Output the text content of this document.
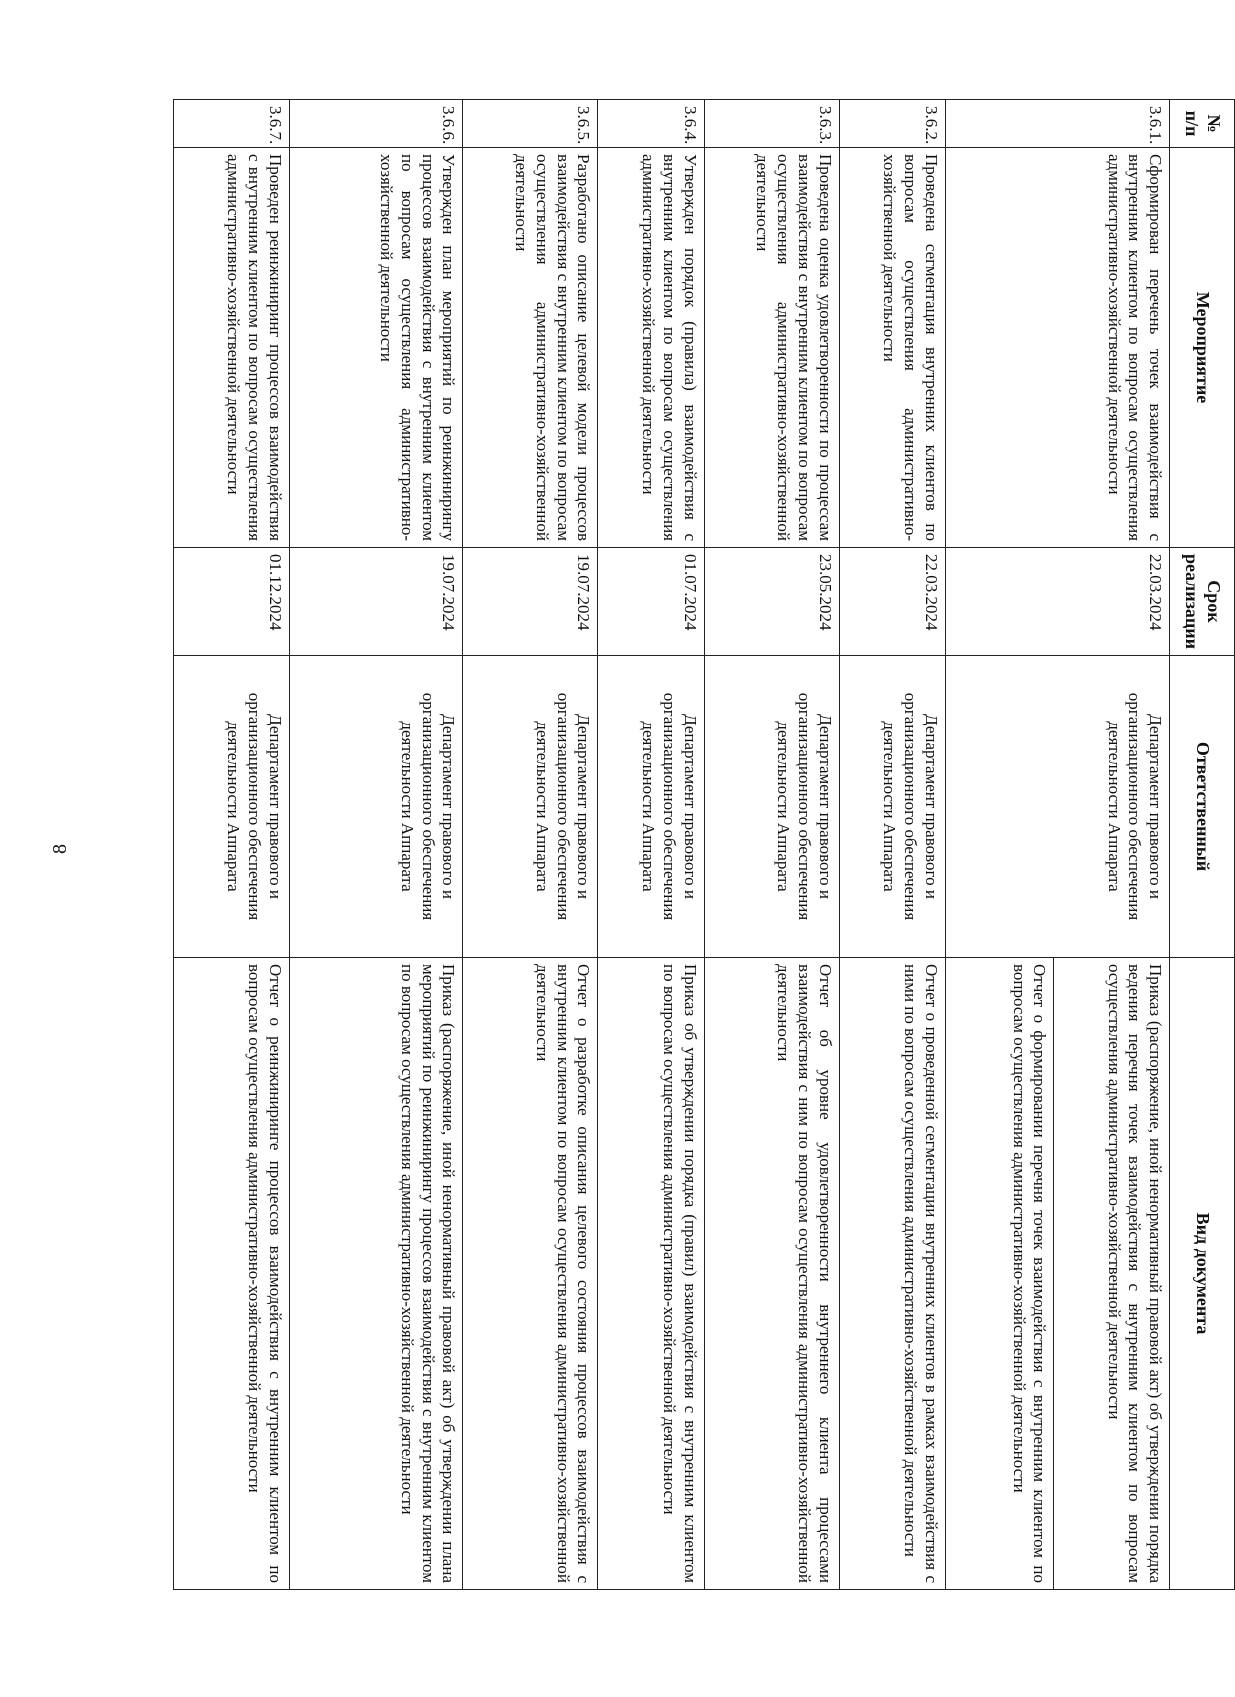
8
№ п/п	Мероприятие	Срок реализации	Ответственный	Вид документа
3.6.1.	Сформирован перечень точек взаимодействия с внутренним клиентом по вопросам осуществления административно-хозяйственной деятельности	22.03.2024	Департамент правового и организационного обеспечения деятельности Аппарата	Приказ (распоряжение, иной ненормативный правовой акт) об утверждении порядка ведения перечня точек взаимодействия с внутренним клиентом по вопросам осуществления административно-хозяйственной деятельности
				Отчет о формировании перечня точек взаимодействия с внутренним клиентом по вопросам осуществления административно-хозяйственной деятельности
3.6.2.	Проведена сегментация внутренних клиентов по вопросам осуществления административно-хозяйственной деятельности	22.03.2024	Департамент правового и организационного обеспечения деятельности Аппарата	Отчет о проведенной сегментации внутренних клиентов в рамках взаимодействия с ними по вопросам осуществления административно-хозяйственной деятельности
3.6.3.	Проведена оценка удовлетворенности по процессам взаимодействия с внутренним клиентом по вопросам осуществления административно-хозяйственной деятельности	23.05.2024	Департамент правового и организационного обеспечения деятельности Аппарата	Отчет об уровне удовлетворенности внутреннего клиента процессами взаимодействия с ним по вопросам осуществления административно-хозяйственной деятельности
3.6.4.	Утвержден порядок (правила) взаимодействия с внутренним клиентом по вопросам осуществления административно-хозяйственной деятельности	01.07.2024	Департамент правового и организационного обеспечения деятельности Аппарата	Приказ об утверждении порядка (правил) взаимодействия с внутренним клиентом по вопросам осуществления административно-хозяйственной деятельности
3.6.5.	Разработано описание целевой модели процессов взаимодействия с внутренним клиентом по вопросам осуществления административно-хозяйственной деятельности	19.07.2024	Департамент правового и организационного обеспечения деятельности Аппарата	Отчет о разработке описания целевого состояния процессов взаимодействия с внутренним клиентом по вопросам осуществления административно-хозяйственной деятельности
3.6.6.	Утвержден план мероприятий по реинжинирингу процессов взаимодействия с внутренним клиентом по вопросам осуществления административно-хозяйственной деятельности	19.07.2024	Департамент правового и организационного обеспечения деятельности Аппарата	Приказ (распоряжение, иной ненормативный правовой акт) об утверждении плана мероприятий по реинжинирингу процессов взаимодействия с внутренним клиентом по вопросам осуществления административно-хозяйственной деятельности
3.6.7.	Проведен реинжиниринг процессов взаимодействия с внутренним клиентом по вопросам осуществления административно-хозяйственной деятельности	01.12.2024	Департамент правового и организационного обеспечения деятельности Аппарата	Отчет о реинжиниринге процессов взаимодействия с внутренним клиентом по вопросам осуществления административно-хозяйственной деятельности
